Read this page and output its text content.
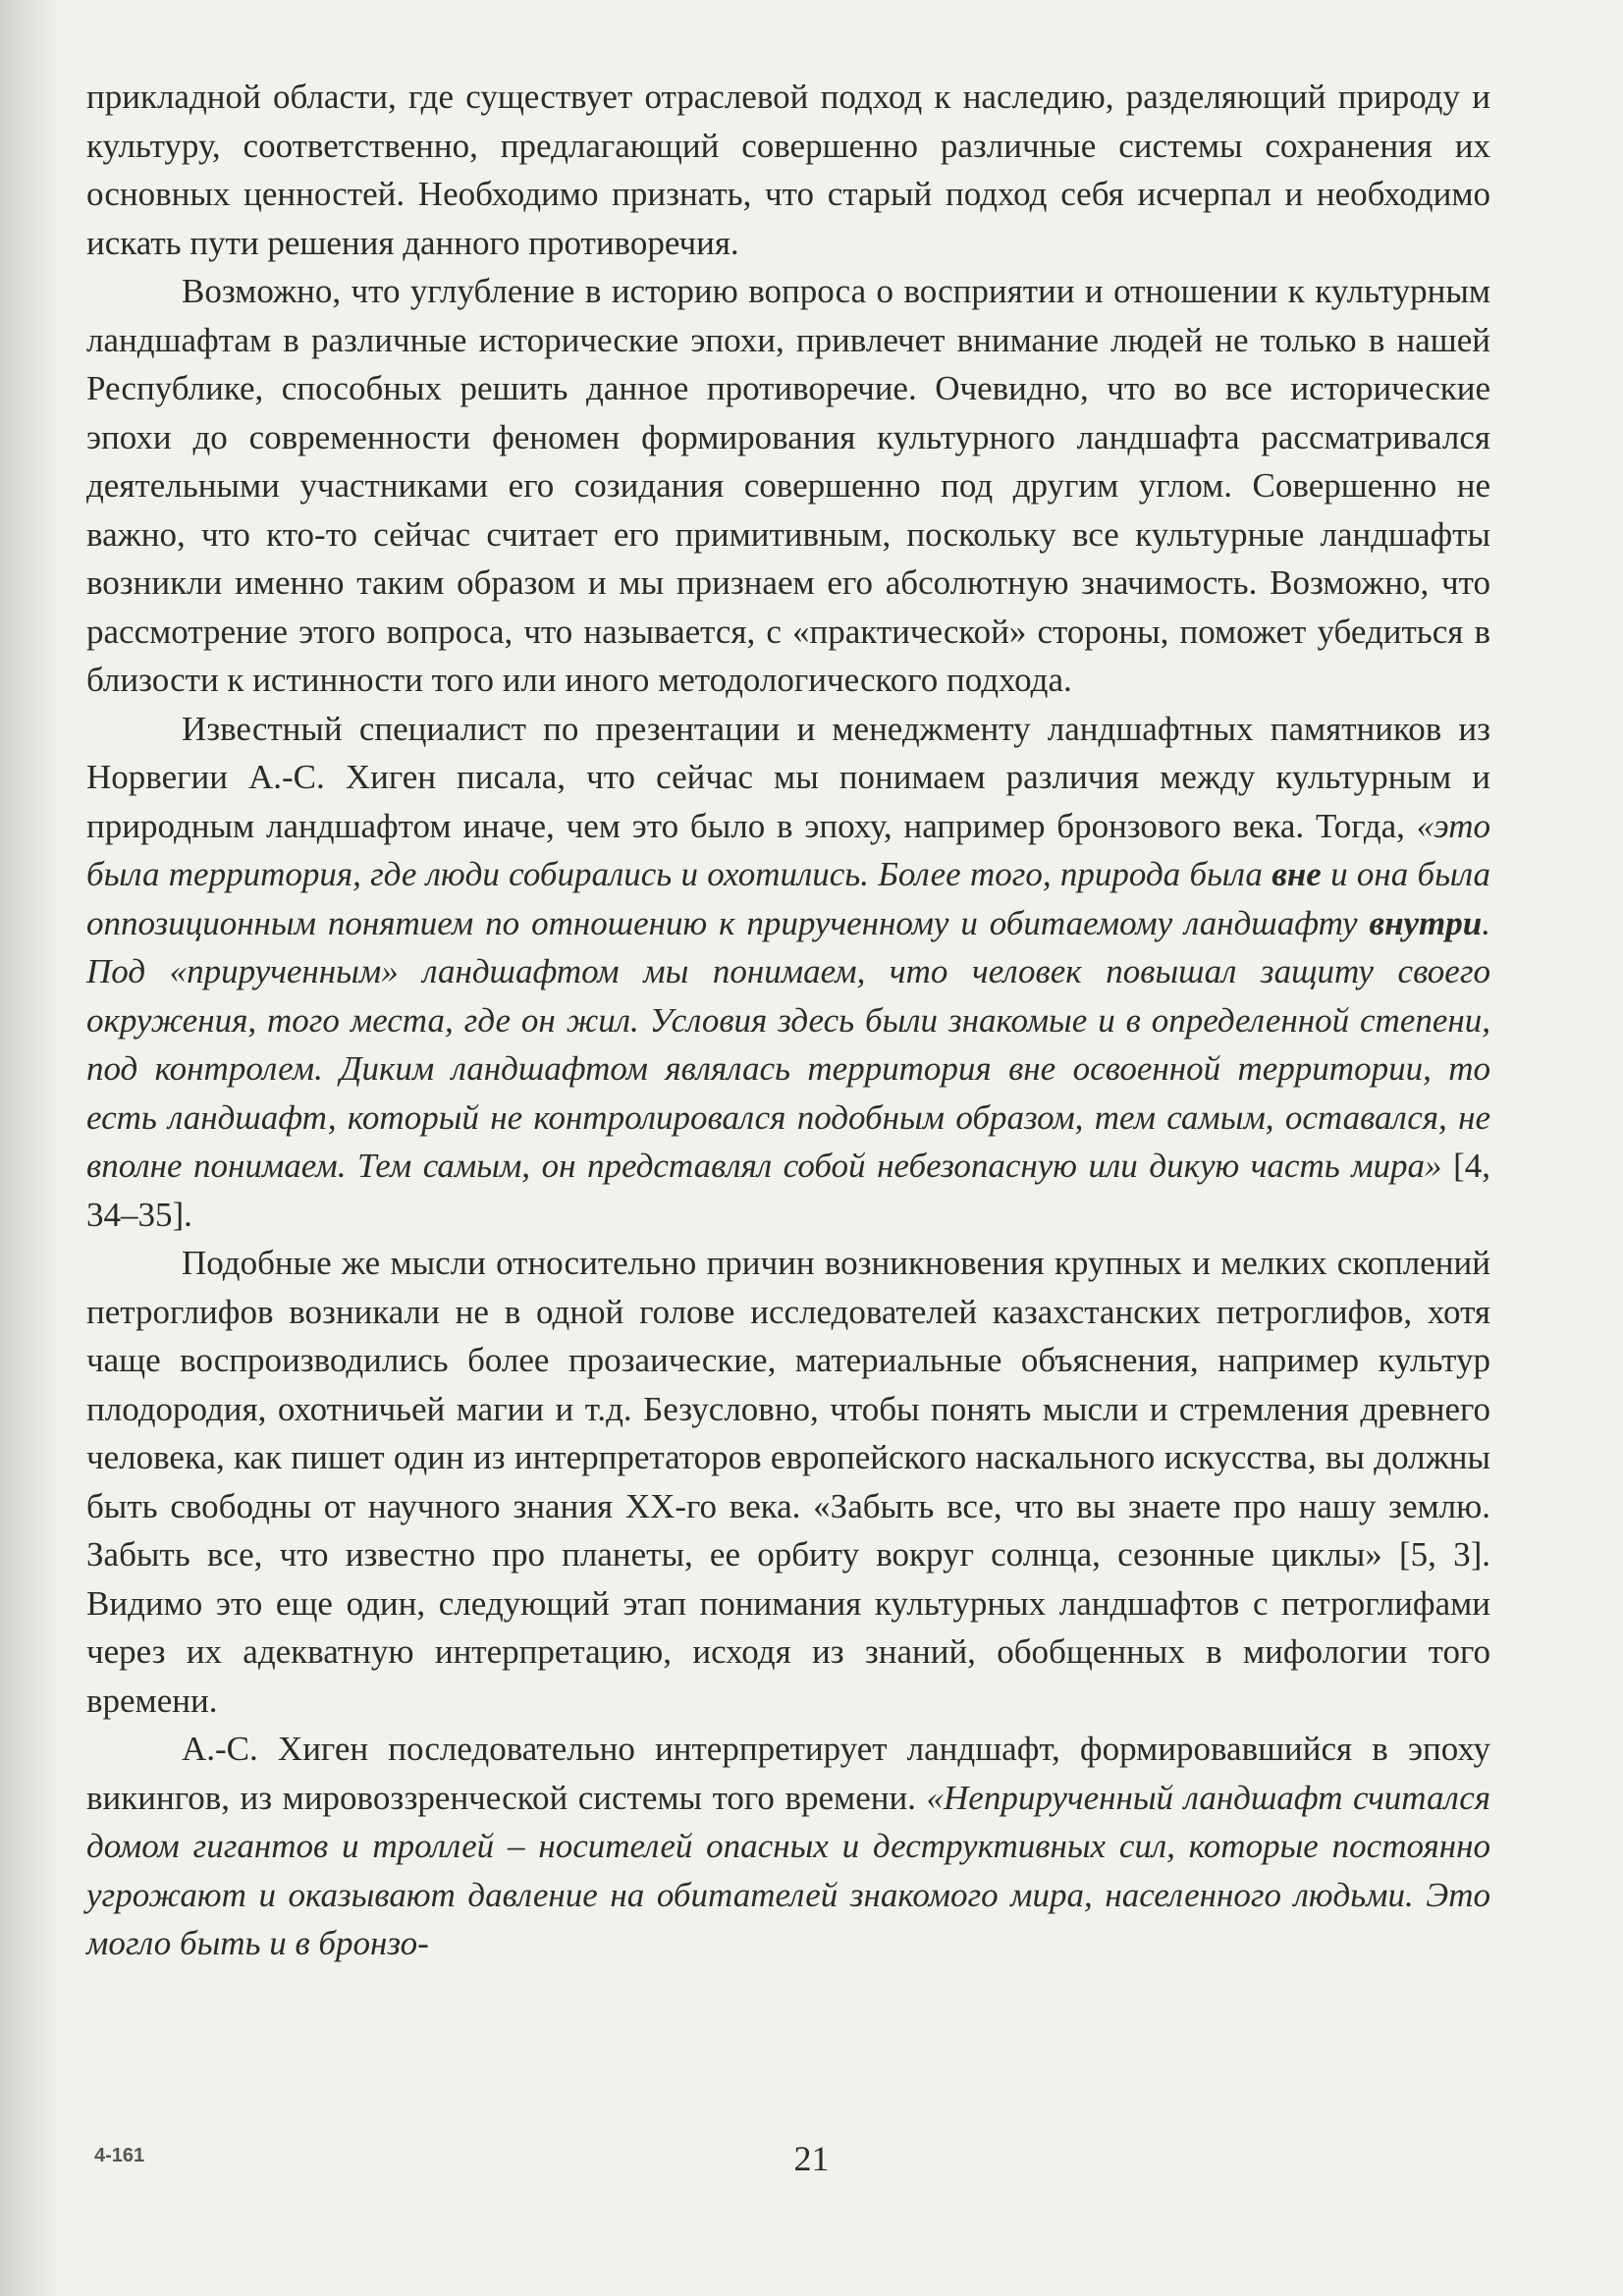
прикладной области, где существует отраслевой подход к наследию, разделяющий природу и культуру, соответственно, предлагающий совершенно различные системы сохранения их основных ценностей. Необходимо признать, что старый подход себя исчерпал и необходимо искать пути решения данного противоречия.

Возможно, что углубление в историю вопроса о восприятии и отношении к культурным ландшафтам в различные исторические эпохи, привлечет внимание людей не только в нашей Республике, способных решить данное противоречие. Очевидно, что во все исторические эпохи до современности феномен формирования культурного ландшафта рассматривался деятельными участниками его созидания совершенно под другим углом. Совершенно не важно, что кто-то сейчас считает его примитивным, поскольку все культурные ландшафты возникли именно таким образом и мы признаем его абсолютную значимость. Возможно, что рассмотрение этого вопроса, что называется, с «практической» стороны, поможет убедиться в близости к истинности того или иного методологического подхода.

Известный специалист по презентации и менеджменту ландшафтных памятников из Норвегии А.-С. Хиген писала, что сейчас мы понимаем различия между культурным и природным ландшафтом иначе, чем это было в эпоху, например бронзового века. Тогда, «это была территория, где люди собирались и охотились. Более того, природа была вне и она была оппозиционным понятием по отношению к прирученному и обитаемому ландшафту внутри. Под «прирученным» ландшафтом мы понимаем, что человек повышал защиту своего окружения, того места, где он жил. Условия здесь были знакомые и в определенной степени, под контролем. Диким ландшафтом являлась территория вне освоенной территории, то есть ландшафт, который не контролировался подобным образом, тем самым, оставался, не вполне понимаем. Тем самым, он представлял собой небезопасную или дикую часть мира» [4, 34–35].

Подобные же мысли относительно причин возникновения крупных и мелких скоплений петроглифов возникали не в одной голове исследователей казахстанских петроглифов, хотя чаще воспроизводились более прозаические, материальные объяснения, например культур плодородия, охотничьей магии и т.д. Безусловно, чтобы понять мысли и стремления древнего человека, как пишет один из интерпретаторов европейского наскального искусства, вы должны быть свободны от научного знания XX-го века. «Забыть все, что вы знаете про нашу землю. Забыть все, что известно про планеты, ее орбиту вокруг солнца, сезонные циклы» [5, 3]. Видимо это еще один, следующий этап понимания культурных ландшафтов с петроглифами через их адекватную интерпретацию, исходя из знаний, обобщенных в мифологии того времени.

А.-С. Хиген последовательно интерпретирует ландшафт, формировавшийся в эпоху викингов, из мировоззренческой системы того времени. «Неприрученный ландшафт считался домом гигантов и троллей – носителей опасных и деструктивных сил, которые постоянно угрожают и оказывают давление на обитателей знакомого мира, населенного людьми. Это могло быть и в бронзо-

4-161	21
